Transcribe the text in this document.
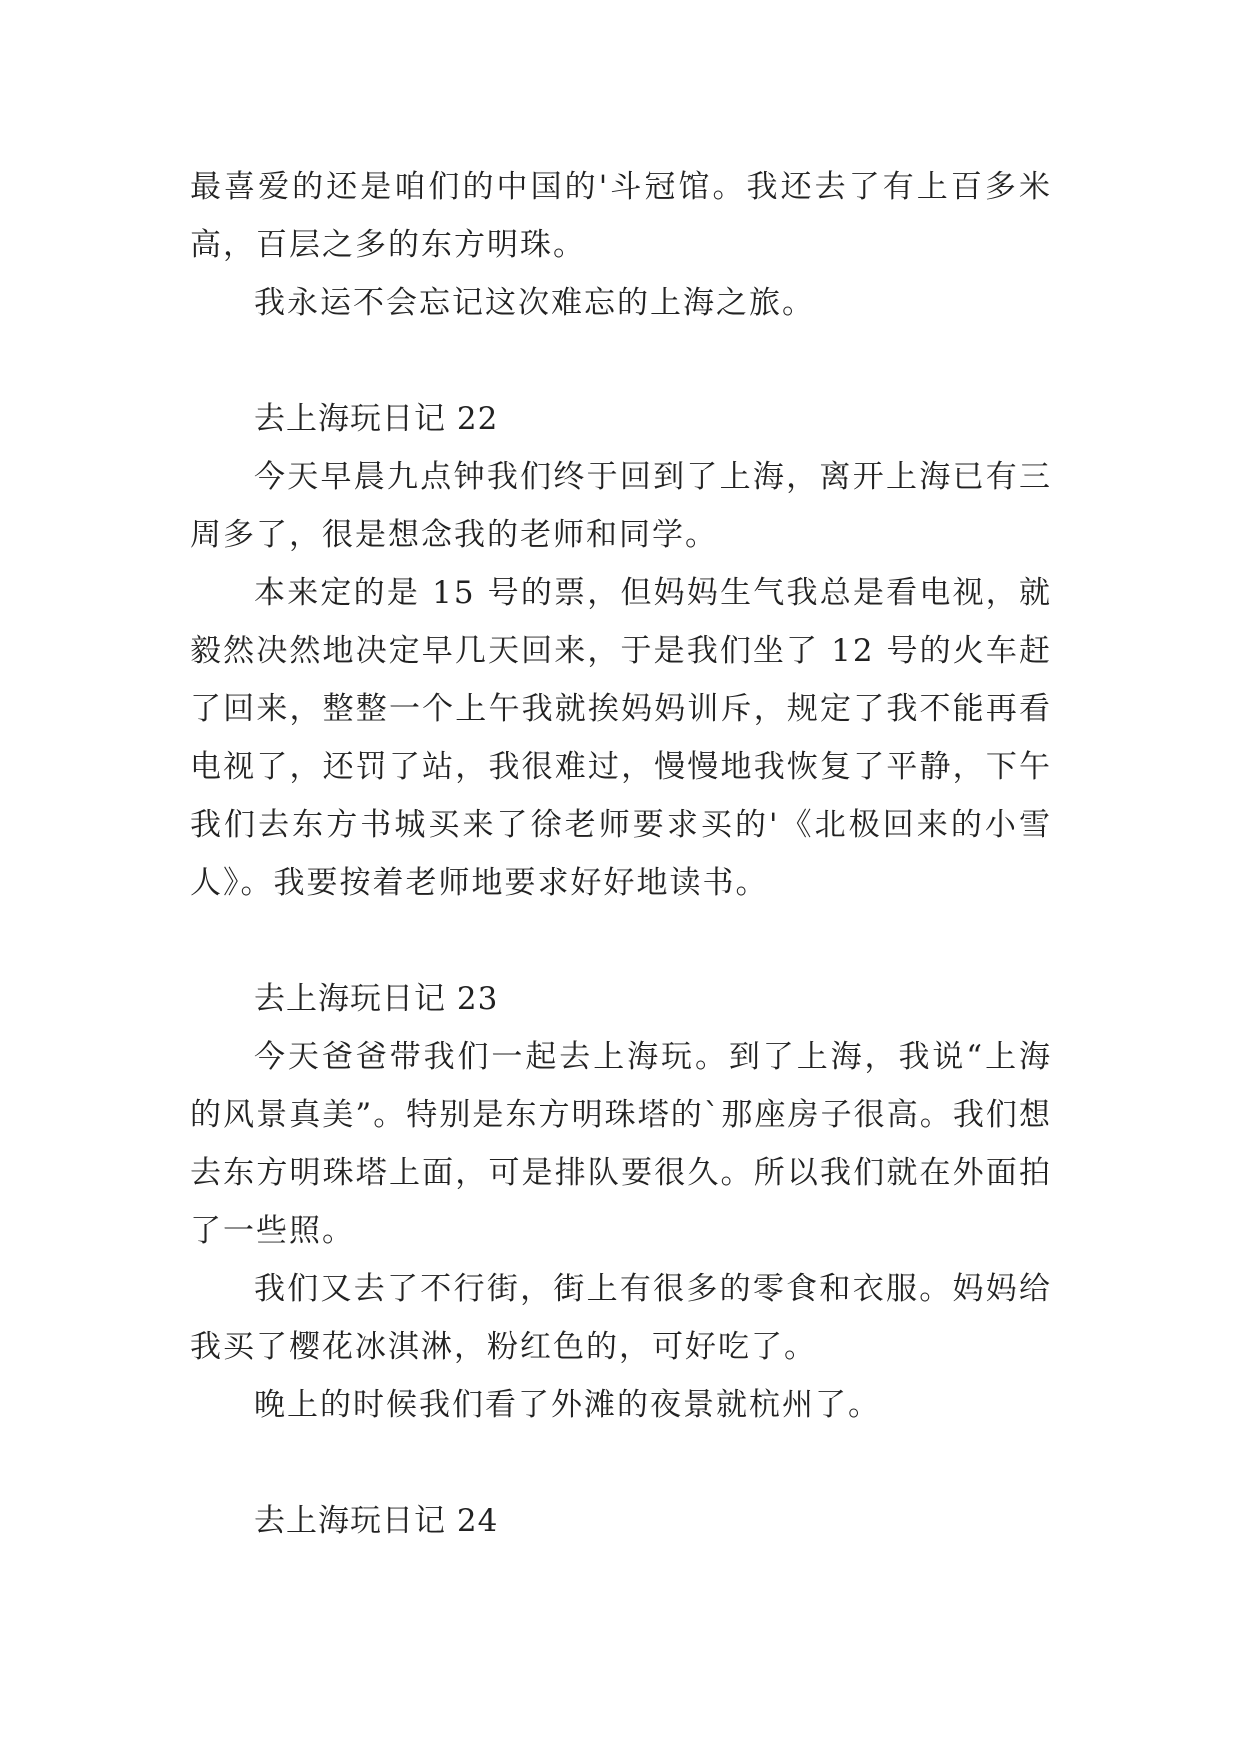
最喜爱的还是咱们的中国的'斗冠馆。我还去了有上百多米高，百层之多的东方明珠。

我永运不会忘记这次难忘的上海之旅。

去上海玩日记 22

今天早晨九点钟我们终于回到了上海，离开上海已有三周多了，很是想念我的老师和同学。

本来定的是 15 号的票，但妈妈生气我总是看电视，就毅然决然地决定早几天回来，于是我们坐了 12 号的火车赶了回来，整整一个上午我就挨妈妈训斥，规定了我不能再看电视了，还罚了站，我很难过，慢慢地我恢复了平静，下午我们去东方书城买来了徐老师要求买的'《北极回来的小雪人》。我要按着老师地要求好好地读书。

去上海玩日记 23

今天爸爸带我们一起去上海玩。到了上海，我说“上海的风景真美”。特别是东方明珠塔的`那座房子很高。我们想去东方明珠塔上面，可是排队要很久。所以我们就在外面拍了一些照。

我们又去了不行街，街上有很多的零食和衣服。妈妈给我买了樱花冰淇淋，粉红色的，可好吃了。

晚上的时候我们看了外滩的夜景就杭州了。

去上海玩日记 24
